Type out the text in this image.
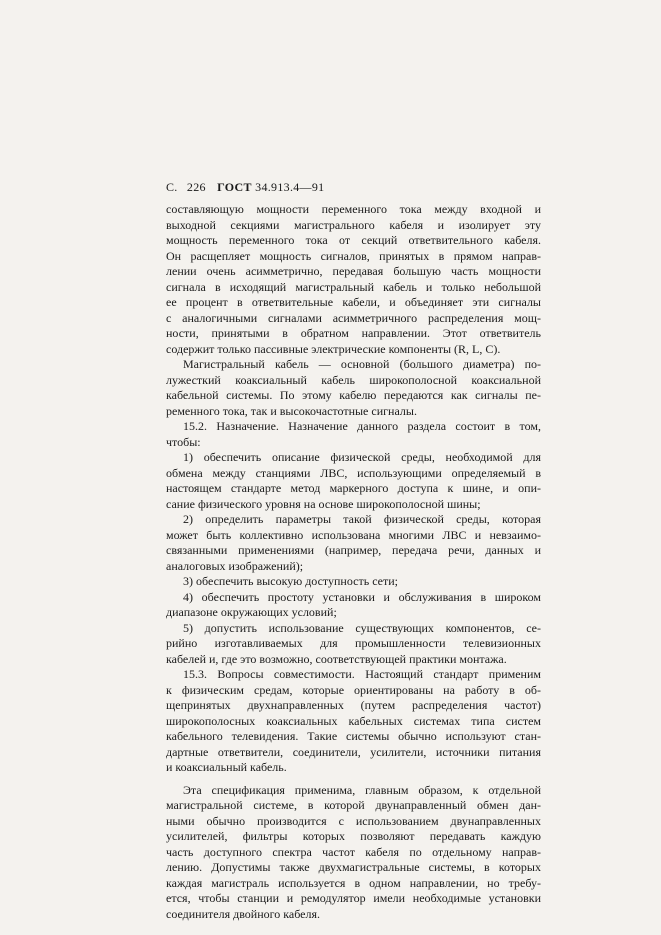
С. 226 ГОСТ 34.913.4—91
составляющую мощности переменного тока между входной и
выходной секциями магистрального кабеля и изолирует эту
мощность переменного тока от секций ответвительного кабеля.
Он расщепляет мощность сигналов, принятых в прямом направ-
лении очень асимметрично, передавая большую часть мощности
сигнала в исходящий магистральный кабель и только небольшой
ее процент в ответвительные кабели, и объединяет эти сигналы
с аналогичными сигналами асимметричного распределения мощ-
ности, принятыми в обратном направлении. Этот ответвитель
содержит только пассивные электрические компоненты (R, L, C).
Магистральный кабель — основной (большого диаметра) по-
лужесткий коаксиальный кабель широкополосной коаксиальной
кабельной системы. По этому кабелю передаются как сигналы пе-
ременного тока, так и высокочастотные сигналы.
15.2. Назначение. Назначение данного раздела состоит в том,
чтобы:
1) обеспечить описание физической среды, необходимой для
обмена между станциями ЛВС, использующими определяемый в
настоящем стандарте метод маркерного доступа к шине, и опи-
сание физического уровня на основе широкополосной шины;
2) определить параметры такой физической среды, которая
может быть коллективно использована многими ЛВС и невзаимо-
связанными применениями (например, передача речи, данных и
аналоговых изображений);
3) обеспечить высокую доступность сети;
4) обеспечить простоту установки и обслуживания в широком
диапазоне окружающих условий;
5) допустить использование существующих компонентов, се-
рийно изготавливаемых для промышленности телевизионных
кабелей и, где это возможно, соответствующей практики монтажа.
15.3. Вопросы совместимости. Настоящий стандарт применим
к физическим средам, которые ориентированы на работу в об-
щепринятых двухнаправленных (путем распределения частот)
широкополосных коаксиальных кабельных системах типа систем
кабельного телевидения. Такие системы обычно используют стан-
дартные ответвители, соединители, усилители, источники питания
и коаксиальный кабель.
Эта спецификация применима, главным образом, к отдельной
магистральной системе, в которой двунаправленный обмен дан-
ными обычно производится с использованием двунаправленных
усилителей, фильтры которых позволяют передавать каждую
часть доступного спектра частот кабеля по отдельному направ-
лению. Допустимы также двухмагистральные системы, в которых
каждая магистраль используется в одном направлении, но требу-
ется, чтобы станции и ремодулятор имели необходимые установки
соединителя двойного кабеля.
